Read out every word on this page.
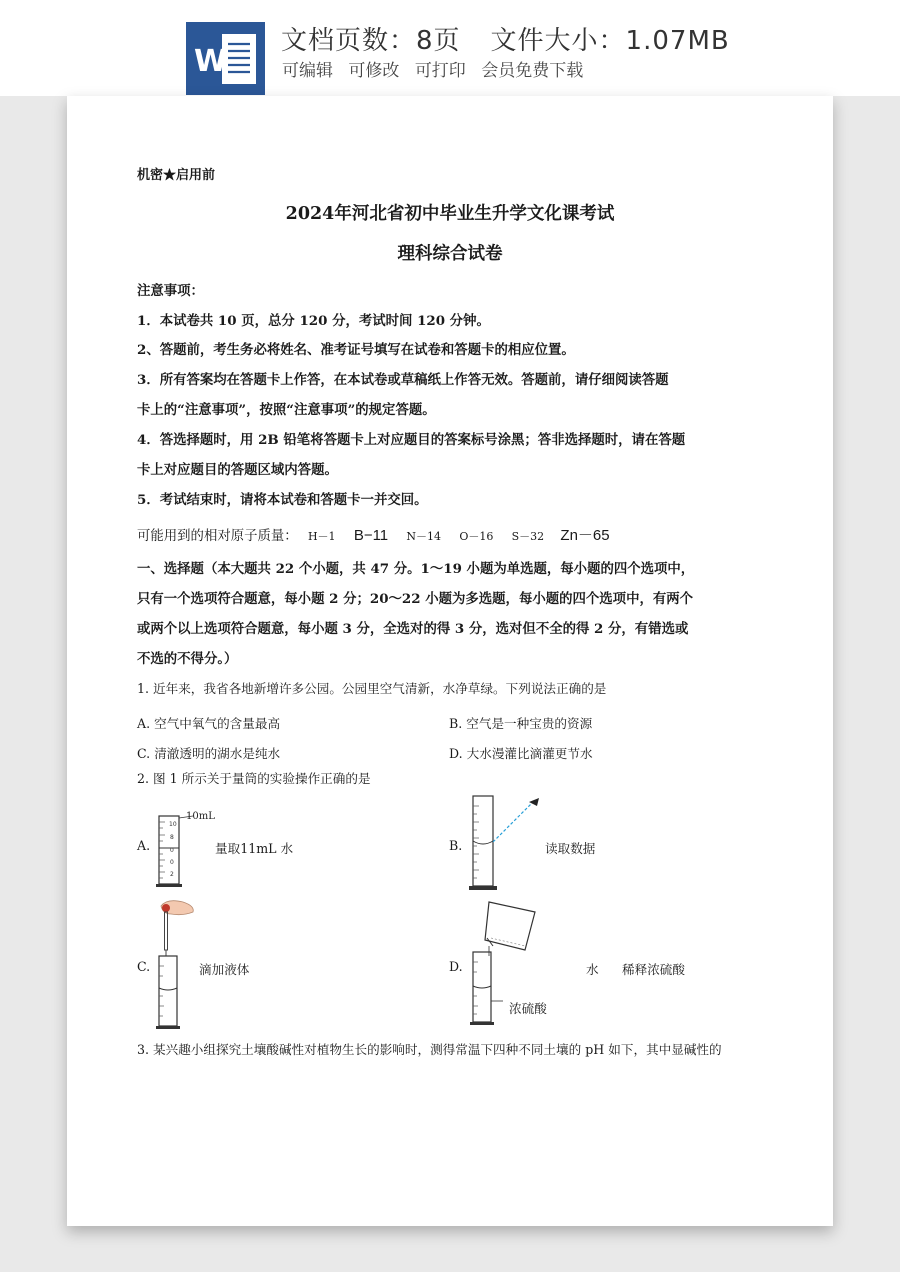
W
文档页数：8页 文件大小：1.07MB
可编辑 可修改 可打印 会员免费下载
机密★启用前
2024年河北省初中毕业生升学文化课考试
理科综合试卷
注意事项：
1．本试卷共 10 页，总分 120 分，考试时间 120 分钟。
2、答题前，考生务必将姓名、准考证号填写在试卷和答题卡的相应位置。
3．所有答案均在答题卡上作答，在本试卷或草稿纸上作答无效。答题前，请仔细阅读答题
卡上的“注意事项”，按照“注意事项”的规定答题。
4．答选择题时，用 2B 铅笔将答题卡上对应题目的答案标号涂黑；答非选择题时，请在答题
卡上对应题目的答题区域内答题。
5．考试结束时，请将本试卷和答题卡一并交回。
可能用到的相对原子质量： H－1 B−11 N－14 O－16 S－32 Zn－65
一、选择题（本大题共 22 个小题，共 47 分。1～19 小题为单选题，每小题的四个选项中，
只有一个选项符合题意，每小题 2 分；20～22 小题为多选题，每小题的四个选项中，有两个
或两个以上选项符合题意，每小题 3 分，全选对的得 3 分，选对但不全的得 2 分，有错选或
不选的不得分。）
1. 近年来，我省各地新增许多公园。公园里空气清新，水净草绿。下列说法正确的是
A. 空气中氧气的含量最高	B. 空气是一种宝贵的资源
C. 清澈透明的湖水是纯水	D. 大水漫灌比滴灌更节水
2. 图 1 所示关于量筒的实验操作正确的是
A.
10mL
10
8
0
0
2
量取11mL 水	B.	读取数据
C.	滴加液体	D.	水 稀释浓硫酸
浓硫酸
3. 某兴趣小组探究土壤酸碱性对植物生长的影响时，测得常温下四种不同土壤的 pH 如下，其中显碱性的
